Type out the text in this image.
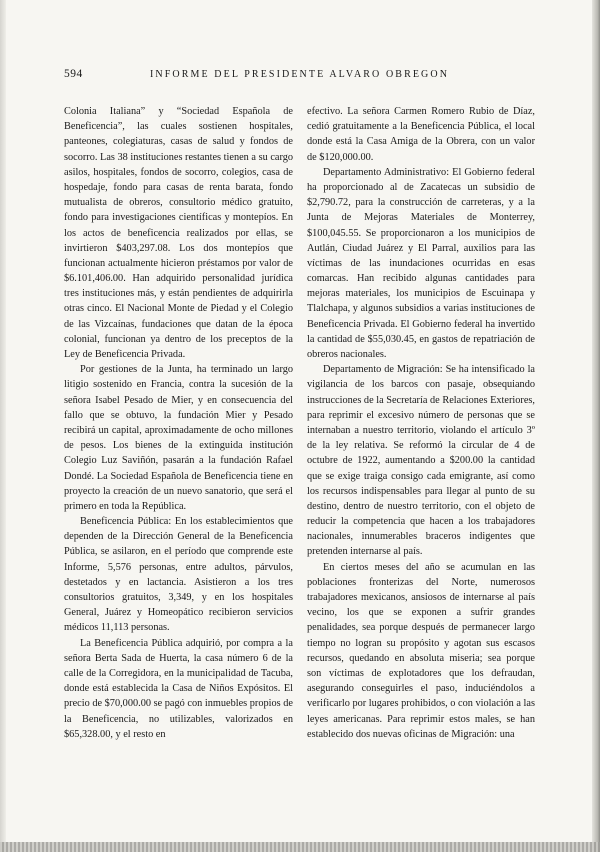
594	INFORME DEL PRESIDENTE ALVARO OBREGON

Colonia Italiana” y “Sociedad Española de Beneficencia”, las cuales sostienen hospitales, panteones, colegiaturas, casas de salud y fondos de socorro. Las 38 instituciones restantes tienen a su cargo asilos, hospitales, fondos de socorro, colegios, casa de hospedaje, fondo para casas de renta barata, fondo mutualista de obreros, consultorio médico gratuito, fondo para investigaciones científicas y montepíos. En los actos de beneficencia realizados por ellas, se invirtieron $403,297.08. Los dos montepíos que funcionan actualmente hicieron préstamos por valor de $6.101,406.00. Han adquirido personalidad jurídica tres instituciones más, y están pendientes de adquirirla otras cinco. El Nacional Monte de Piedad y el Colegio de las Vizcaínas, fundaciones que datan de la época colonial, funcionan ya dentro de los preceptos de la Ley de Beneficencia Privada.

Por gestiones de la Junta, ha terminado un largo litigio sostenido en Francia, contra la sucesión de la señora Isabel Pesado de Mier, y en consecuencia del fallo que se obtuvo, la fundación Mier y Pesado recibirá un capital, aproximadamente de ocho millones de pesos. Los bienes de la extinguida institución Colegio Luz Saviñón, pasarán a la fundación Rafael Dondé. La Sociedad Española de Beneficencia tiene en proyecto la creación de un nuevo sanatorio, que será el primero en toda la República.

Beneficencia Pública: En los establecimientos que dependen de la Dirección General de la Beneficencia Pública, se asilaron, en el período que comprende este Informe, 5,576 personas, entre adultos, párvulos, destetados y en lactancia. Asistieron a los tres consultorios gratuitos, 3,349, y en los hospitales General, Juárez y Homeopático recibieron servicios médicos 11,113 personas.

La Beneficencia Pública adquirió, por compra a la señora Berta Sada de Huerta, la casa número 6 de la calle de la Corregidora, en la municipalidad de Tacuba, donde está establecida la Casa de Niños Expósitos. El precio de $70,000.00 se pagó con inmuebles propios de la Beneficencia, no utilizables, valorizados en $65,328.00, y el resto en

efectivo. La señora Carmen Romero Rubio de Díaz, cedió gratuitamente a la Beneficencia Pública, el local donde está la Casa Amiga de la Obrera, con un valor de $120,000.00.

Departamento Administrativo: El Gobierno federal ha proporcionado al de Zacatecas un subsidio de $2,790.72, para la construcción de carreteras, y a la Junta de Mejoras Materiales de Monterrey, $100,045.55. Se proporcionaron a los municipios de Autlán, Ciudad Juárez y El Parral, auxilios para las víctimas de las inundaciones ocurridas en esas comarcas. Han recibido algunas cantidades para mejoras materiales, los municipios de Escuinapa y Tlalchapa, y algunos subsidios a varias instituciones de Beneficencia Privada. El Gobierno federal ha invertido la cantidad de $55,030.45, en gastos de repatriación de obreros nacionales.

Departamento de Migración: Se ha intensificado la vigilancia de los barcos con pasaje, obsequiando instrucciones de la Secretaría de Relaciones Exteriores, para reprimir el excesivo número de personas que se internaban a nuestro territorio, violando el artículo 3º de la ley relativa. Se reformó la circular de 4 de octubre de 1922, aumentando a $200.00 la cantidad que se exige traiga consigo cada emigrante, así como los recursos indispensables para llegar al punto de su destino, dentro de nuestro territorio, con el objeto de reducir la competencia que hacen a los trabajadores nacionales, innumerables braceros indigentes que pretenden internarse al país.

En ciertos meses del año se acumulan en las poblaciones fronterizas del Norte, numerosos trabajadores mexicanos, ansiosos de internarse al país vecino, los que se exponen a sufrir grandes penalidades, sea porque después de permanecer largo tiempo no logran su propósito y agotan sus escasos recursos, quedando en absoluta miseria; sea porque son víctimas de explotadores que los defraudan, asegurando conseguirles el paso, induciéndolos a verificarlo por lugares prohibidos, o con violación a las leyes americanas. Para reprimir estos males, se han establecido dos nuevas oficinas de Migración: una
